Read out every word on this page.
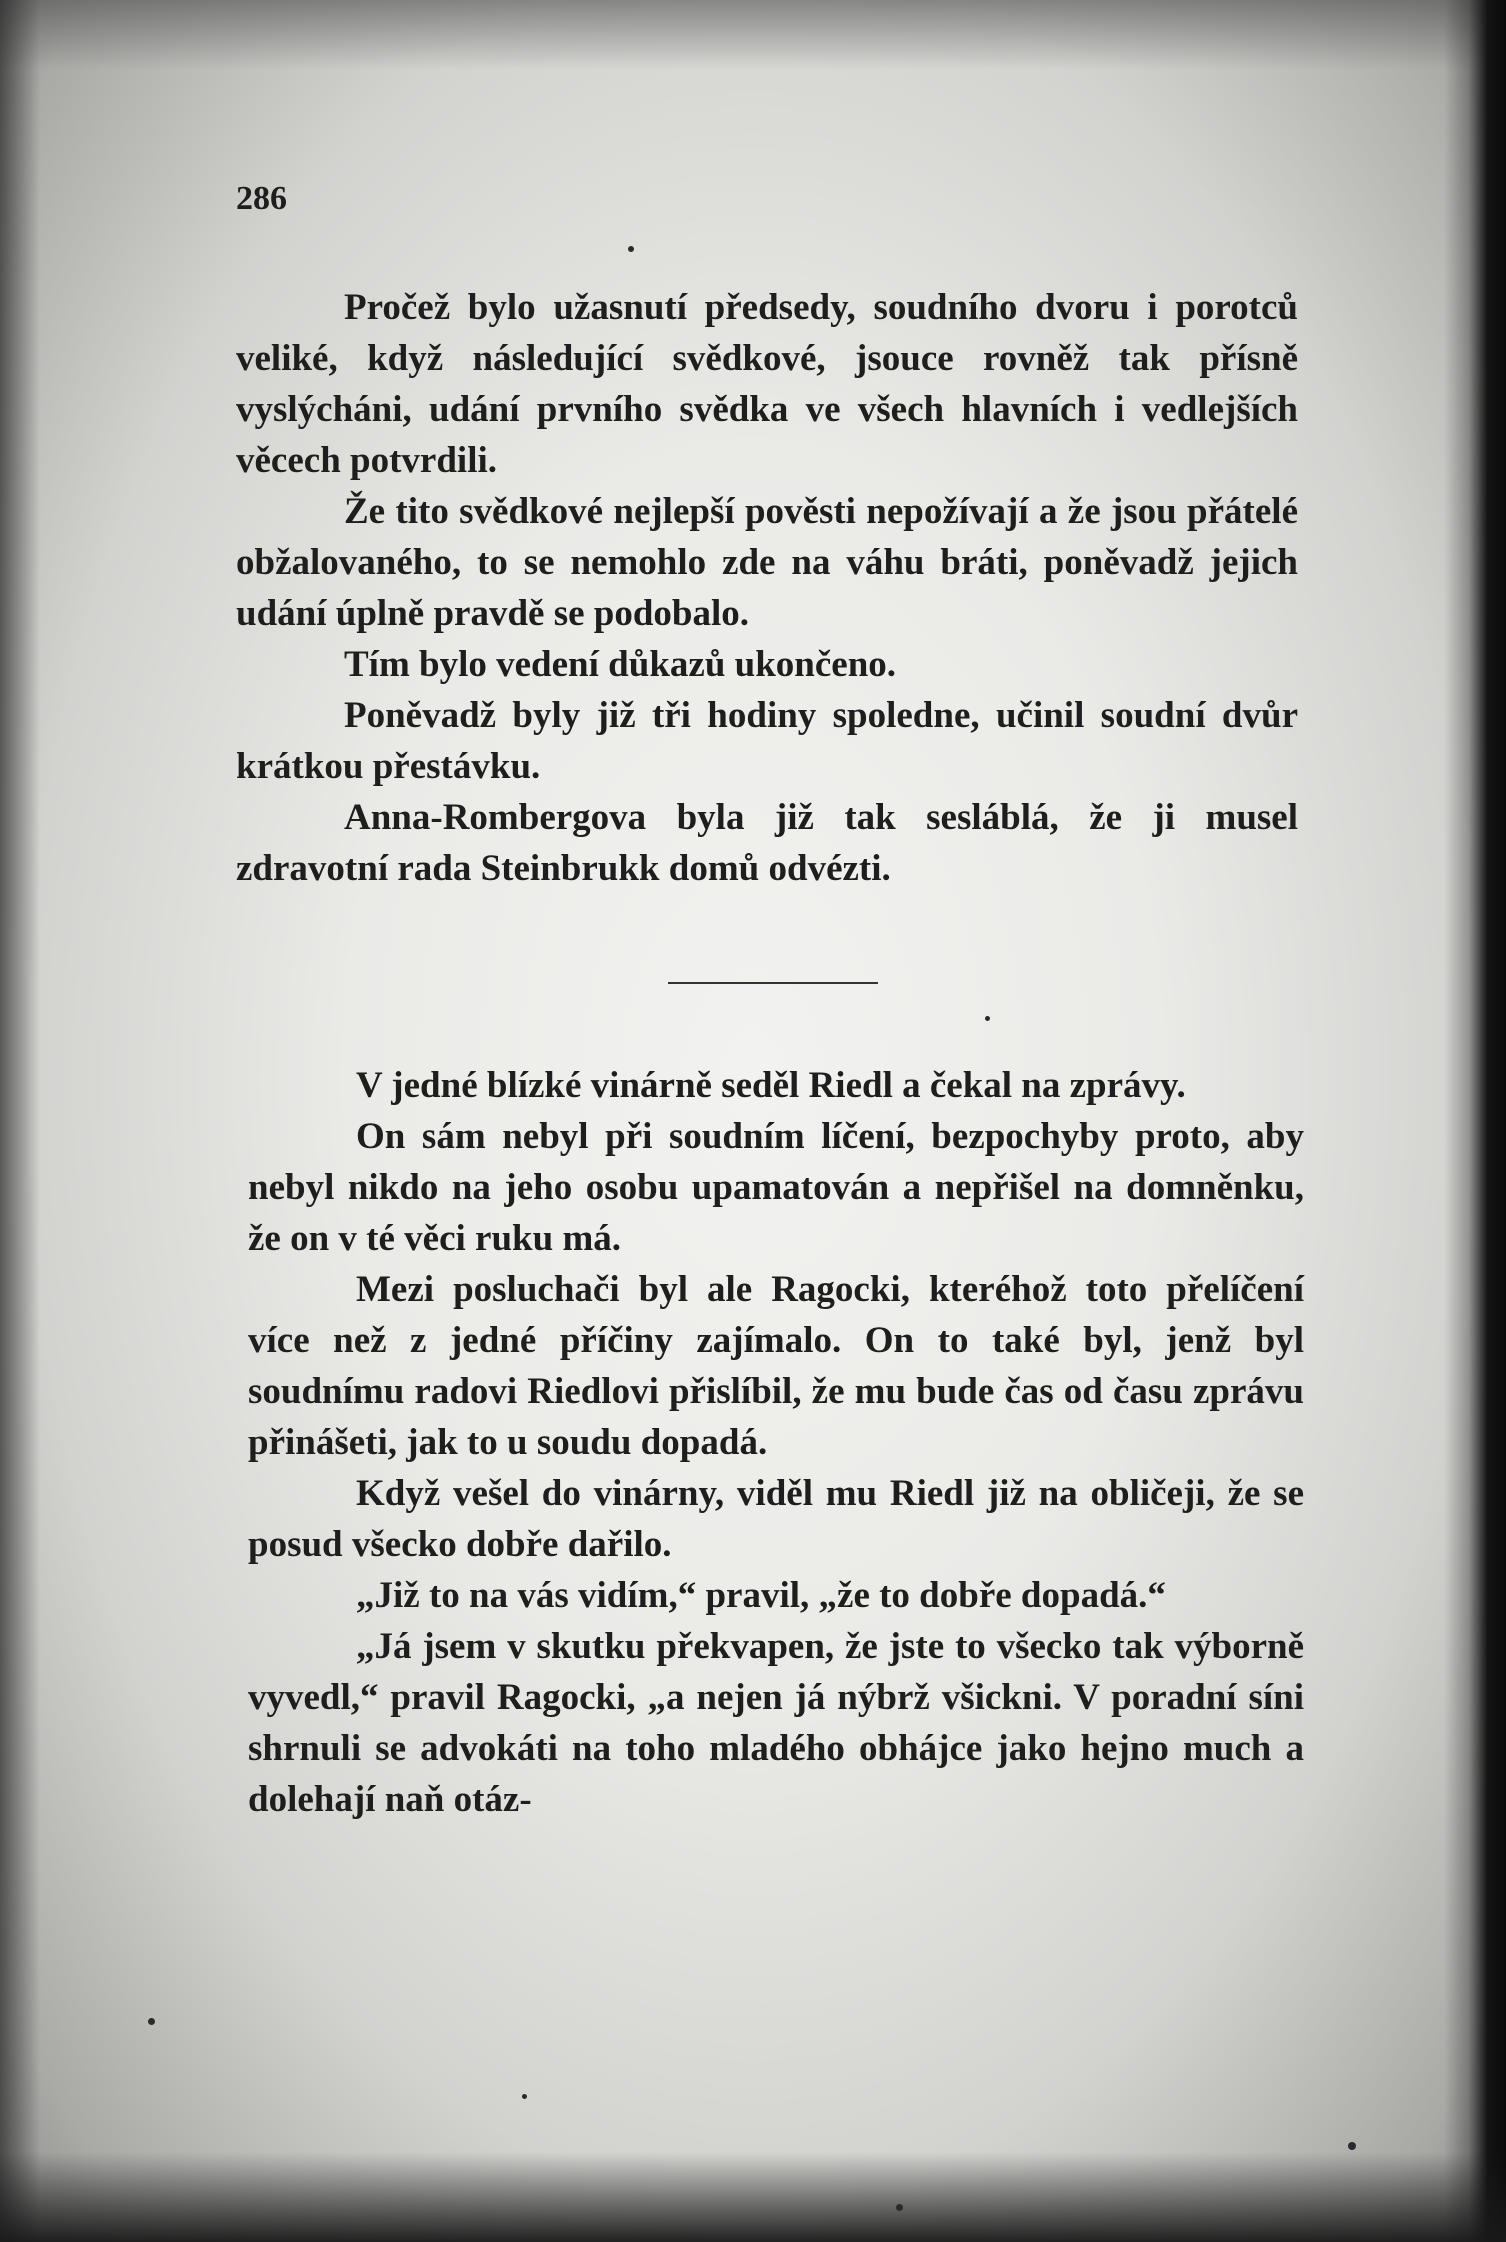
286

Pročež bylo užasnutí předsedy, soudního dvoru i porotců veliké, když následující svědkové, jsouce rovněž tak přísně vyslýcháni, udání prvního svědka ve všech hlavních i vedlejších věcech potvrdili.

Že tito svědkové nejlepší pověsti nepožívají a že jsou přátelé obžalovaného, to se nemohlo zde na váhu bráti, poněvadž jejich udání úplně pravdě se podobalo.

Tím bylo vedení důkazů ukončeno.

Poněvadž byly již tři hodiny spoledne, učinil soudní dvůr krátkou přestávku.

Anna-Rombergova byla již tak sesláblá, že ji musel zdravotní rada Steinbrukk domů odvézti.

V jedné blízké vinárně seděl Riedl a čekal na zprávy.

On sám nebyl při soudním líčení, bezpochyby proto, aby nebyl nikdo na jeho osobu upamatován a nepřišel na domněnku, že on v té věci ruku má.

Mezi posluchači byl ale Ragocki, kteréhož toto přelíčení více než z jedné příčiny zajímalo. On to také byl, jenž byl soudnímu radovi Riedlovi přislíbil, že mu bude čas od času zprávu přinášeti, jak to u soudu dopadá.

Když vešel do vinárny, viděl mu Riedl již na obličeji, že se posud všecko dobře dařilo.

„Již to na vás vidím,“ pravil, „že to dobře dopadá.“

„Já jsem v skutku překvapen, že jste to všecko tak výborně vyvedl,“ pravil Ragocki, „a nejen já nýbrž všickni. V poradní síni shrnuli se advokáti na toho mladého obhájce jako hejno much a dolehají naň otáz-
